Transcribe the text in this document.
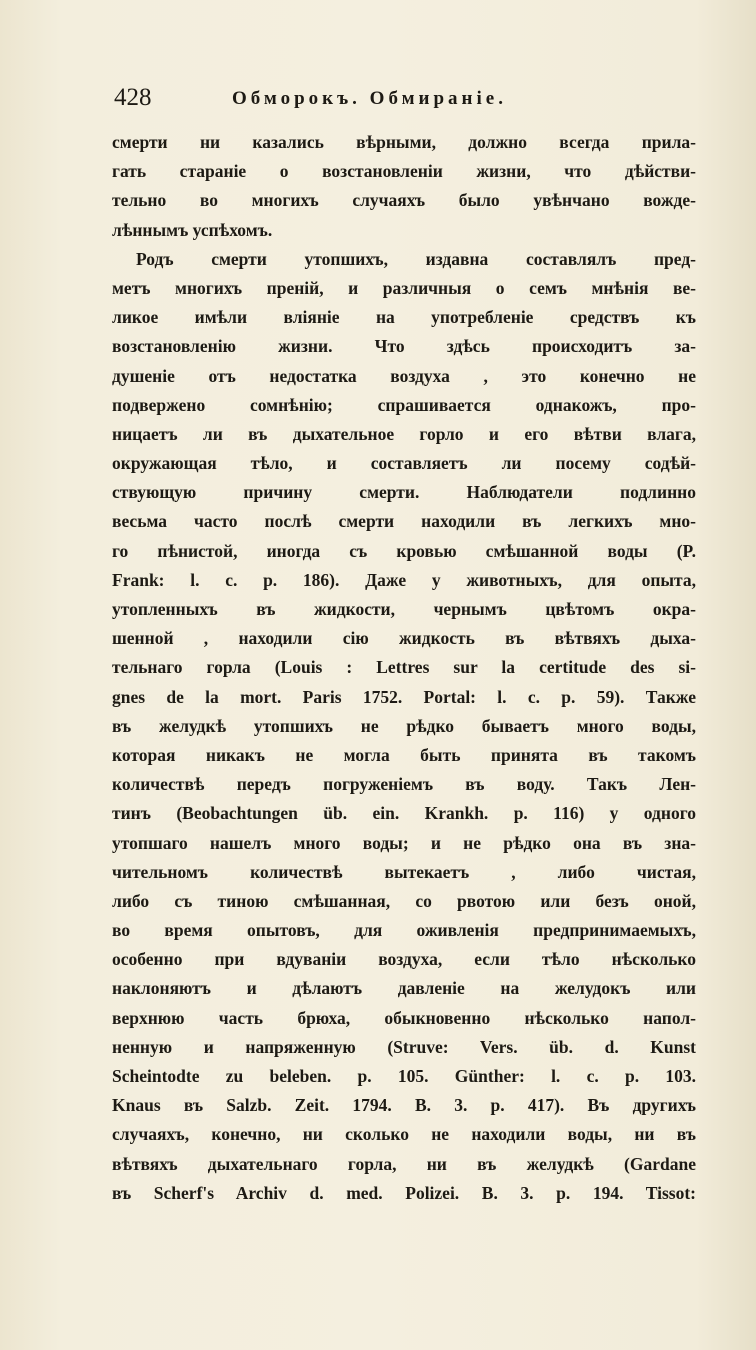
428	Обморокъ. Обмираніе.
смерти ни казались вѣрными, должно всегда прила-
гать стараніе о возстановленіи жизни, что дѣйстви-
тельно во многихъ случаяхъ было увѣнчано вожде-
лѣннымъ успѣхомъ.
Родъ смерти утопшихъ, издавна составлялъ пред-
метъ многихъ преній, и различныя о семъ мнѣнія ве-
ликое имѣли вліяніе на употребленіе средствъ къ
возстановленію жизни. Что здѣсь происходитъ за-
душеніе отъ недостатка воздуха , это конечно не
подвержено сомнѣнію; спрашивается однакожъ, про-
ницаетъ ли въ дыхательное горло и его вѣтви влага,
окружающая тѣло, и составляетъ ли посему содѣй-
ствующую причину смерти. Наблюдатели подлинно
весьма часто послѣ смерти находили въ легкихъ мно-
го пѣнистой, иногда съ кровью смѣшанной воды (P.
Frank: l. c. p. 186). Даже у животныхъ, для опыта,
утопленныхъ въ жидкости, чернымъ цвѣтомъ окра-
шенной , находили сію жидкость въ вѣтвяхъ дыха-
тельнаго горла (Louis : Lettres sur la certitude des si-
gnes de la mort. Paris 1752. Portal: l. c. p. 59). Также
въ желудкѣ утопшихъ не рѣдко бываетъ много воды,
которая никакъ не могла быть принята въ такомъ
количествѣ передъ погруженіемъ въ воду. Такъ Лен-
тинъ (Beobachtungen üb. ein. Krankh. p. 116) у одного
утопшаго нашелъ много воды; и не рѣдко она въ зна-
чительномъ количествѣ вытекаетъ , либо чистая,
либо съ тиною смѣшанная, со рвотою или безъ оной,
во время опытовъ, для оживленія предпринимаемыхъ,
особенно при вдуваніи воздуха, если тѣло нѣсколько
наклоняютъ и дѣлаютъ давленіе на желудокъ или
верхнюю часть брюха, обыкновенно нѣсколько напол-
ненную и напряженную (Struve: Vers. üb. d. Kunst
Scheintodte zu beleben. p. 105. Günther: l. c. p. 103.
Knaus въ Salzb. Zeit. 1794. B. 3. p. 417). Въ другихъ
случаяхъ, конечно, ни сколько не находили воды, ни въ
вѣтвяхъ дыхательнаго горла, ни въ желудкѣ (Gardane
въ Scherf's Archiv d. med. Polizei. B. 3. p. 194. Tissot:
